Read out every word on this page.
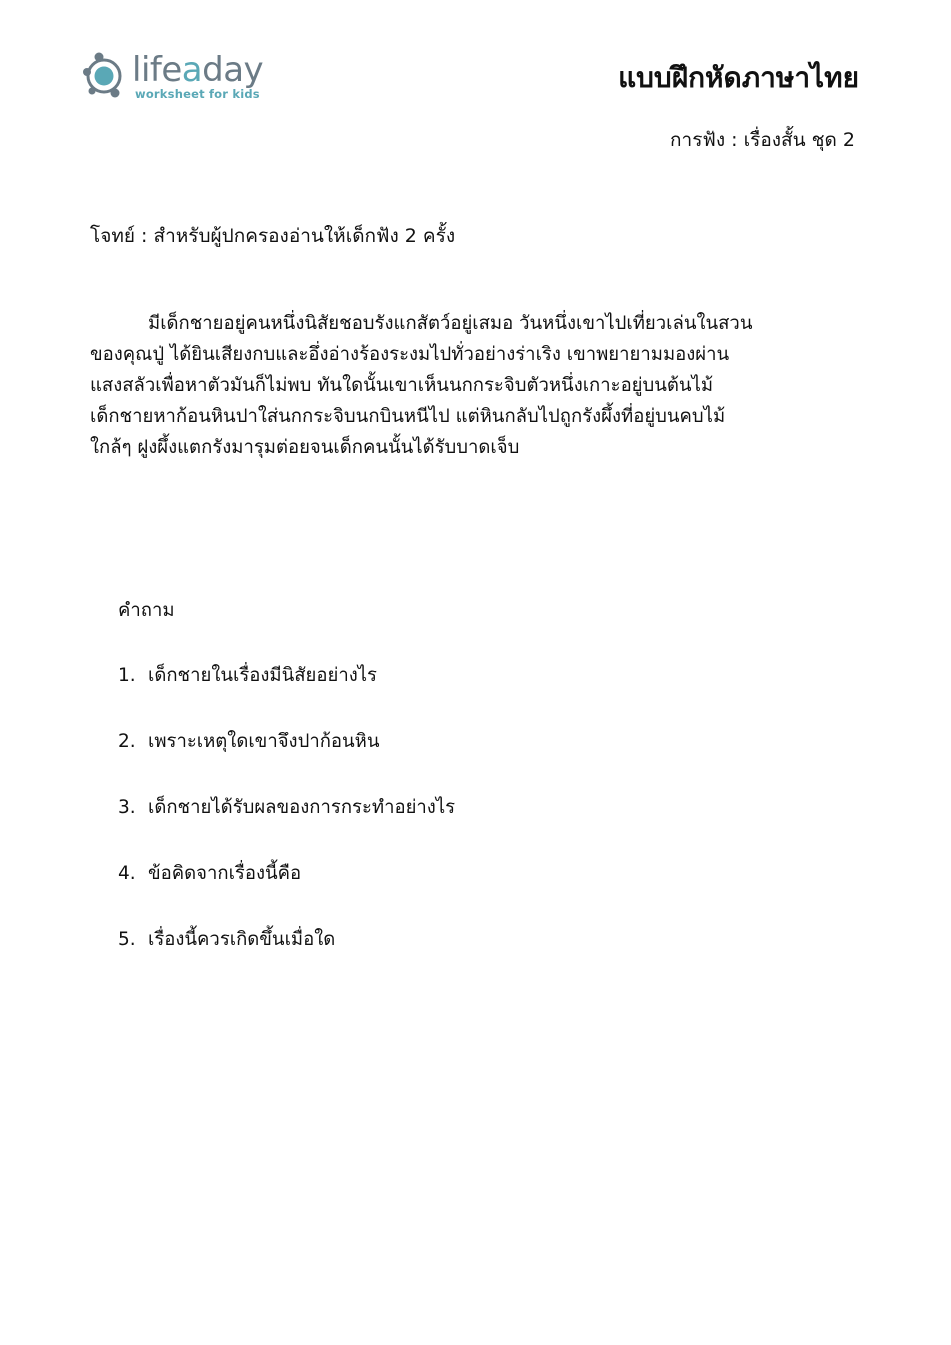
lifeaday
worksheet for kids	แบบฝึกหัดภาษาไทย
การฟัง : เรื่องสั้น ชุด 2
โจทย์ : สำหรับผู้ปกครองอ่านให้เด็กฟัง 2 ครั้ง

มีเด็กชายอยู่คนหนึ่งนิสัยชอบรังแกสัตว์อยู่เสมอ วันหนึ่งเขาไปเที่ยวเล่นในสวน
ของคุณปู่ ได้ยินเสียงกบและอึ่งอ่างร้องระงมไปทั่วอย่างร่าเริง เขาพยายามมองผ่าน
แสงสลัวเพื่อหาตัวมันก็ไม่พบ ทันใดนั้นเขาเห็นนกกระจิบตัวหนึ่งเกาะอยู่บนต้นไม้
เด็กชายหาก้อนหินปาใส่นกกระจิบนกบินหนีไป แต่หินกลับไปถูกรังผึ้งที่อยู่บนคบไม้
ใกล้ๆ ฝูงผึ้งแตกรังมารุมต่อยจนเด็กคนนั้นได้รับบาดเจ็บ

คำถาม
1. เด็กชายในเรื่องมีนิสัยอย่างไร
2. เพราะเหตุใดเขาจึงปาก้อนหิน
3. เด็กชายได้รับผลของการกระทำอย่างไร
4. ข้อคิดจากเรื่องนี้คือ
5. เรื่องนี้ควรเกิดขึ้นเมื่อใด
